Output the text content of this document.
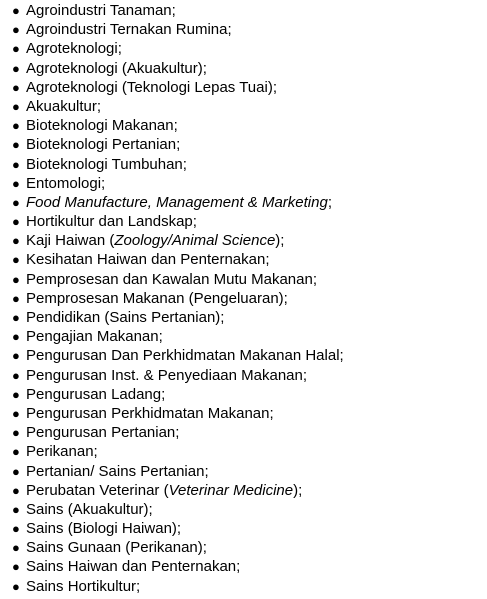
● Agroindustri Tanaman;
● Agroindustri Ternakan Rumina;
● Agroteknologi;
● Agroteknologi (Akuakultur);
● Agroteknologi (Teknologi Lepas Tuai);
● Akuakultur;
● Bioteknologi Makanan;
● Bioteknologi Pertanian;
● Bioteknologi Tumbuhan;
● Entomologi;
● Food Manufacture, Management & Marketing;
● Hortikultur dan Landskap;
● Kaji Haiwan (Zoology/Animal Science);
● Kesihatan Haiwan dan Penternakan;
● Pemprosesan dan Kawalan Mutu Makanan;
● Pemprosesan Makanan (Pengeluaran);
● Pendidikan (Sains Pertanian);
● Pengajian Makanan;
● Pengurusan Dan Perkhidmatan Makanan Halal;
● Pengurusan Inst. & Penyediaan Makanan;
● Pengurusan Ladang;
● Pengurusan Perkhidmatan Makanan;
● Pengurusan Pertanian;
● Perikanan;
● Pertanian/ Sains Pertanian;
● Perubatan Veterinar (Veterinar Medicine);
● Sains (Akuakultur);
● Sains (Biologi Haiwan);
● Sains Gunaan (Perikanan);
● Sains Haiwan dan Penternakan;
● Sains Hortikultur;
